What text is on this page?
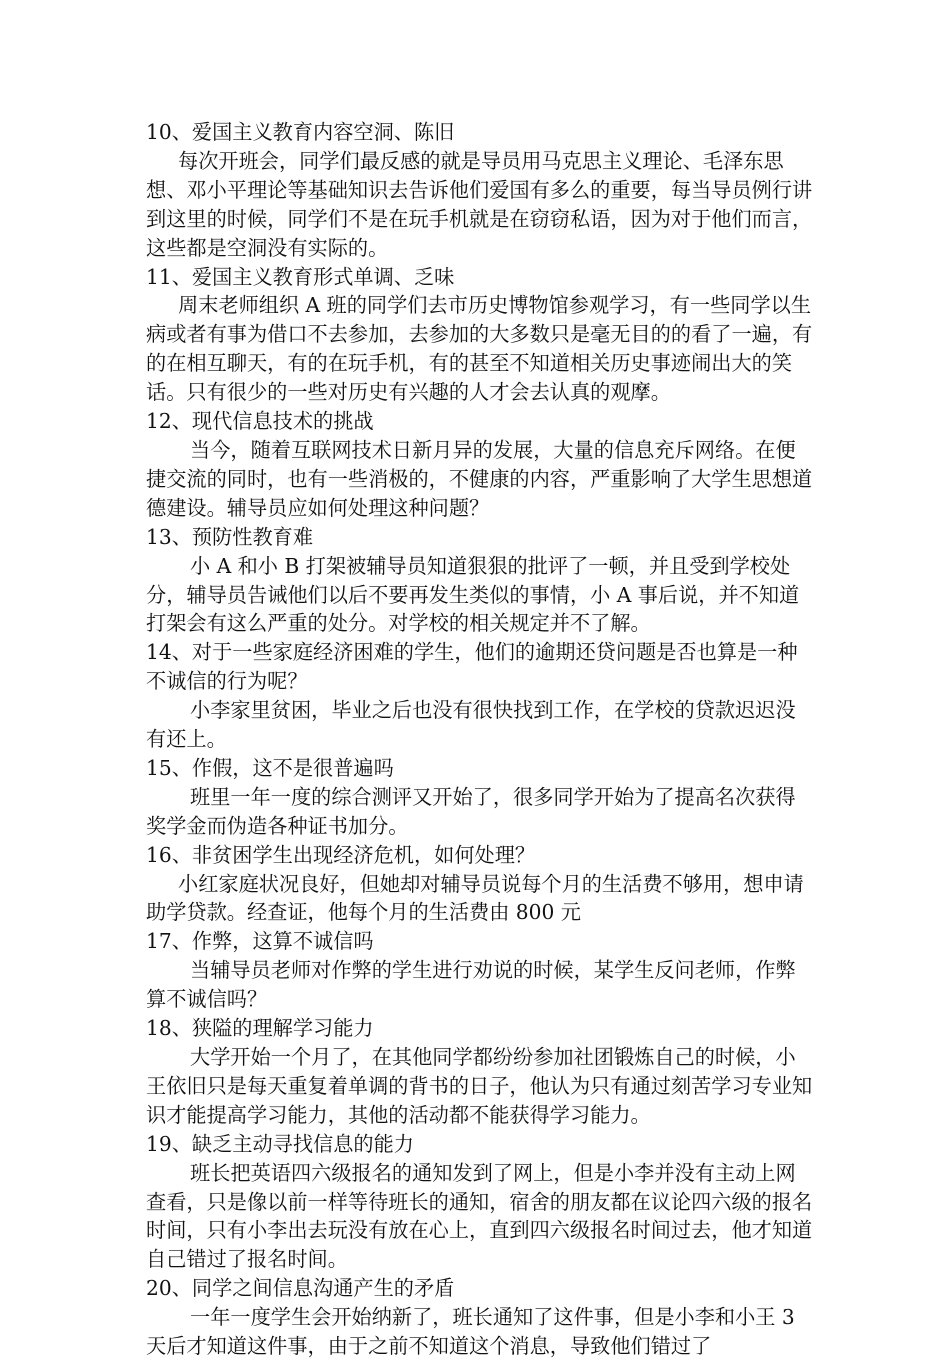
10、爱国主义教育内容空洞、陈旧

每次开班会，同学们最反感的就是导员用马克思主义理论、毛泽东思想、邓小平理论等基础知识去告诉他们爱国有多么的重要，每当导员例行讲到这里的时候，同学们不是在玩手机就是在窃窃私语，因为对于他们而言，这些都是空洞没有实际的。

11、爱国主义教育形式单调、乏味

周末老师组织 A 班的同学们去市历史博物馆参观学习，有一些同学以生病或者有事为借口不去参加，去参加的大多数只是毫无目的的看了一遍，有的在相互聊天，有的在玩手机，有的甚至不知道相关历史事迹闹出大的笑话。只有很少的一些对历史有兴趣的人才会去认真的观摩。

12、现代信息技术的挑战

当今，随着互联网技术日新月异的发展，大量的信息充斥网络。在便捷交流的同时，也有一些消极的，不健康的内容，严重影响了大学生思想道德建设。辅导员应如何处理这种问题？

13、预防性教育难

小 A 和小 B 打架被辅导员知道狠狠的批评了一顿，并且受到学校处分，辅导员告诫他们以后不要再发生类似的事情，小 A 事后说，并不知道打架会有这么严重的处分。对学校的相关规定并不了解。

14、对于一些家庭经济困难的学生，他们的逾期还贷问题是否也算是一种不诚信的行为呢？

小李家里贫困，毕业之后也没有很快找到工作，在学校的贷款迟迟没有还上。

15、作假，这不是很普遍吗

班里一年一度的综合测评又开始了，很多同学开始为了提高名次获得奖学金而伪造各种证书加分。

16、非贫困学生出现经济危机，如何处理？

小红家庭状况良好，但她却对辅导员说每个月的生活费不够用，想申请助学贷款。经查证，他每个月的生活费由 800 元

17、作弊，这算不诚信吗

当辅导员老师对作弊的学生进行劝说的时候，某学生反问老师，作弊算不诚信吗？

18、狭隘的理解学习能力

大学开始一个月了，在其他同学都纷纷参加社团锻炼自己的时候，小王依旧只是每天重复着单调的背书的日子，他认为只有通过刻苦学习专业知识才能提高学习能力，其他的活动都不能获得学习能力。

19、缺乏主动寻找信息的能力

班长把英语四六级报名的通知发到了网上，但是小李并没有主动上网查看，只是像以前一样等待班长的通知，宿舍的朋友都在议论四六级的报名时间，只有小李出去玩没有放在心上，直到四六级报名时间过去，他才知道自己错过了报名时间。

20、同学之间信息沟通产生的矛盾

一年一度学生会开始纳新了，班长通知了这件事，但是小李和小王 3 天后才知道这件事，由于之前不知道这个消息，导致他们错过了
